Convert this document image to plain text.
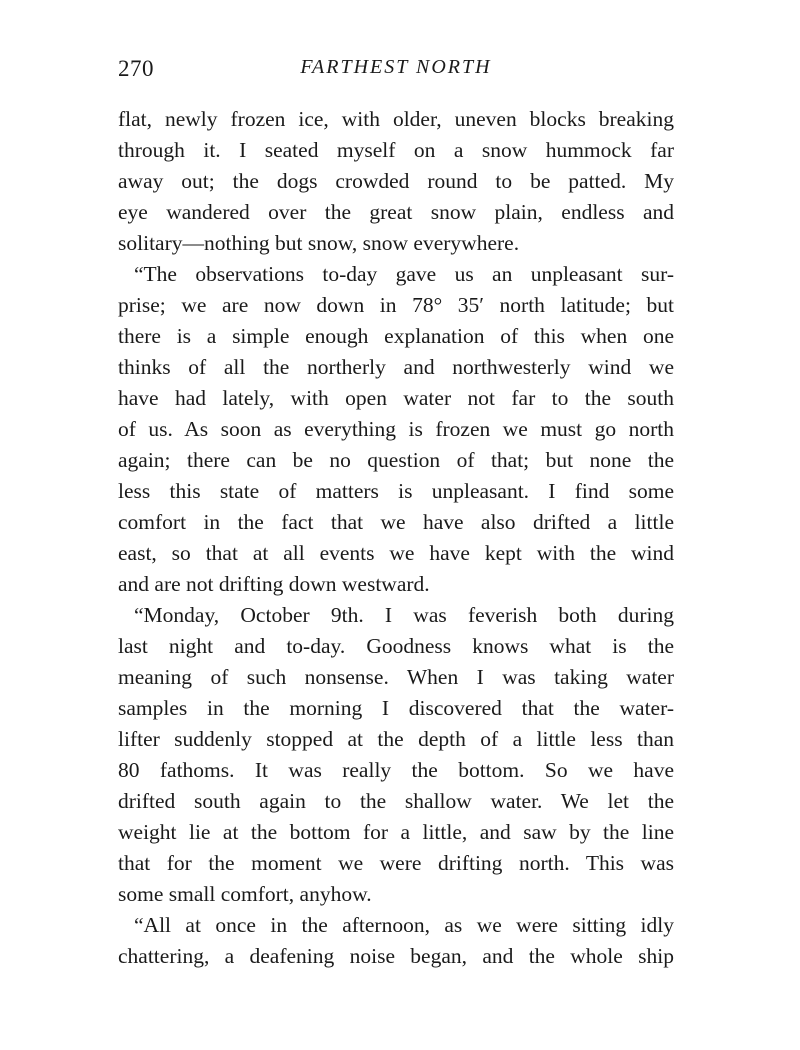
270	FARTHEST NORTH
flat, newly frozen ice, with older, uneven blocks breaking
through it. I seated myself on a snow hummock far
away out; the dogs crowded round to be patted. My
eye wandered over the great snow plain, endless and
solitary—nothing but snow, snow everywhere.
“The observations to-day gave us an unpleasant sur-
prise; we are now down in 78° 35′ north latitude; but
there is a simple enough explanation of this when one
thinks of all the northerly and northwesterly wind we
have had lately, with open water not far to the south
of us. As soon as everything is frozen we must go north
again; there can be no question of that; but none the
less this state of matters is unpleasant. I find some
comfort in the fact that we have also drifted a little
east, so that at all events we have kept with the wind
and are not drifting down westward.
“Monday, October 9th. I was feverish both during
last night and to-day. Goodness knows what is the
meaning of such nonsense. When I was taking water
samples in the morning I discovered that the water-
lifter suddenly stopped at the depth of a little less than
80 fathoms. It was really the bottom. So we have
drifted south again to the shallow water. We let the
weight lie at the bottom for a little, and saw by the line
that for the moment we were drifting north. This was
some small comfort, anyhow.
“All at once in the afternoon, as we were sitting idly
chattering, a deafening noise began, and the whole ship
